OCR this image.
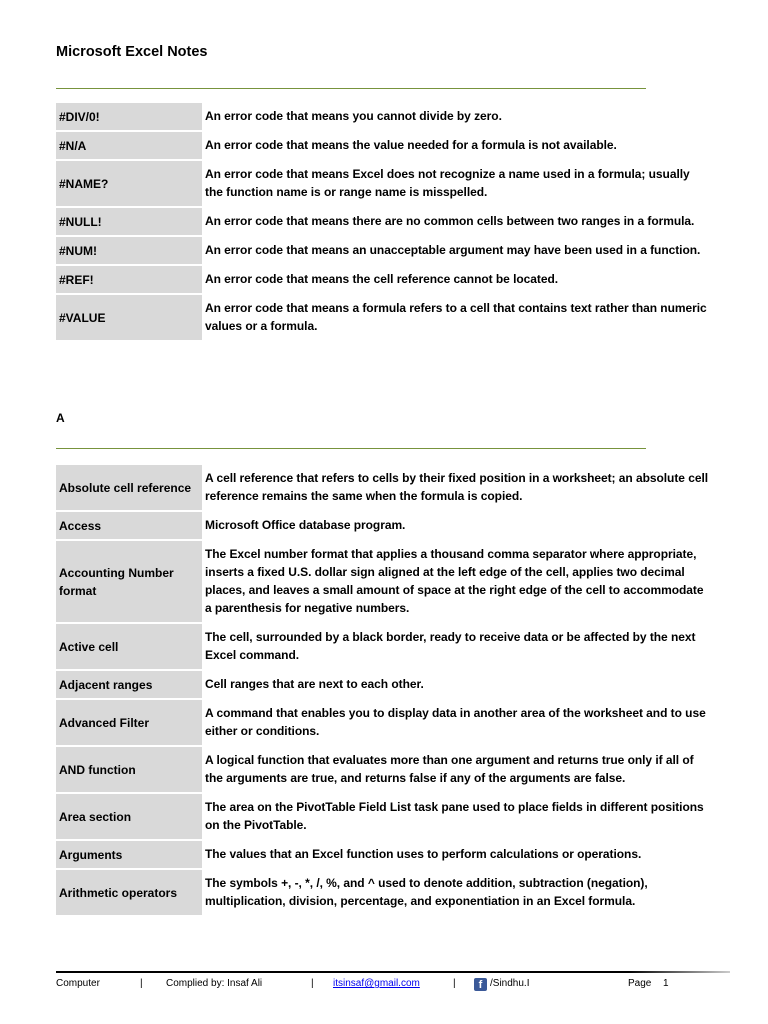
Microsoft Excel Notes
#DIV/0!	An error code that means you cannot divide by zero.
#N/A	An error code that means the value needed for a formula is not available.
#NAME?	An error code that means Excel does not recognize a name used in a formula; usually the function name is or range name is misspelled.
#NULL!	An error code that means there are no common cells between two ranges in a formula.
#NUM!	An error code that means an unacceptable argument may have been used in a function.
#REF!	An error code that means the cell reference cannot be located.
#VALUE	An error code that means a formula refers to a cell that contains text rather than numeric values or a formula.
A
Absolute cell reference	A cell reference that refers to cells by their fixed position in a worksheet; an absolute cell reference remains the same when the formula is copied.
Access	Microsoft Office database program.
Accounting Number format	The Excel number format that applies a thousand comma separator where appropriate, inserts a fixed U.S. dollar sign aligned at the left edge of the cell, applies two decimal places, and leaves a small amount of space at the right edge of the cell to accommodate a parenthesis for negative numbers.
Active cell	The cell, surrounded by a black border, ready to receive data or be affected by the next Excel command.
Adjacent ranges	Cell ranges that are next to each other.
Advanced Filter	A command that enables you to display data in another area of the worksheet and to use either or conditions.
AND function	A logical function that evaluates more than one argument and returns true only if all of the arguments are true, and returns false if any of the arguments are false.
Area section	The area on the PivotTable Field List task pane used to place fields in different positions on the PivotTable.
Arguments	The values that an Excel function uses to perform calculations or operations.
Arithmetic operators	The symbols +, -, *, /, %, and ^ used to denote addition, subtraction (negation), multiplication, division, percentage, and exponentiation in an Excel formula.
Computer	| Complied by: Insaf Ali	| itsinsaf@gmail.com	|	f /Sindhu.I	Page 1
